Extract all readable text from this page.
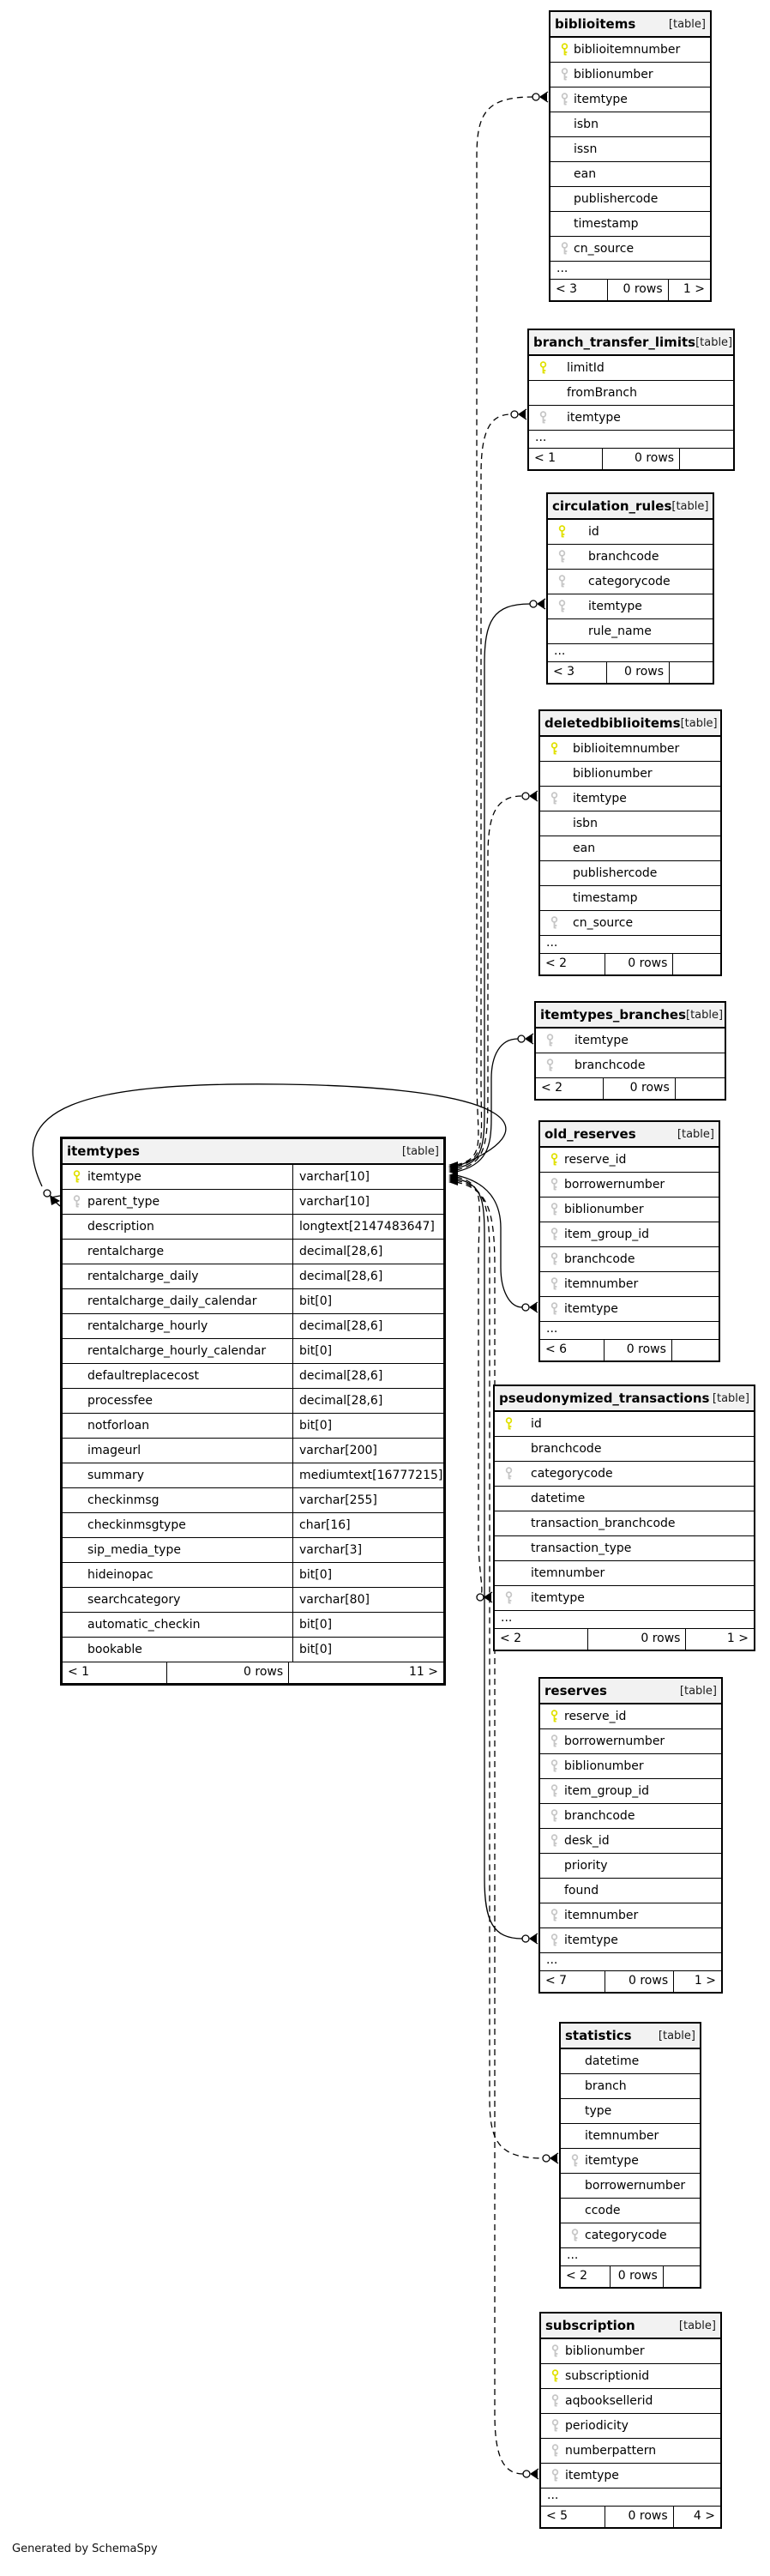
itemtypes	[table]
itemtype	varchar[10]
parent_type	varchar[10]
description	longtext[2147483647]
rentalcharge	decimal[28,6]
rentalcharge_daily	decimal[28,6]
rentalcharge_daily_calendar	bit[0]
rentalcharge_hourly	decimal[28,6]
rentalcharge_hourly_calendar	bit[0]
defaultreplacecost	decimal[28,6]
processfee	decimal[28,6]
notforloan	bit[0]
imageurl	varchar[200]
summary	mediumtext[16777215]
checkinmsg	varchar[255]
checkinmsgtype	char[16]
sip_media_type	varchar[3]
hideinopac	bit[0]
searchcategory	varchar[80]
automatic_checkin	bit[0]
bookable	bit[0]
< 1	0 rows	11 >
biblioitems	[table]
biblioitemnumber
biblionumber
itemtype
isbn
issn
ean
publishercode
timestamp
cn_source
...
< 3	0 rows	1 >
branch_transfer_limits [table]
limitId
fromBranch
itemtype
...
< 1	0 rows
circulation_rules [table]
id
branchcode
categorycode
itemtype
rule_name
...
< 3	0 rows
deletedbiblioitems [table]
biblioitemnumber
biblionumber
itemtype
isbn
ean
publishercode
timestamp
cn_source
...
< 2	0 rows
itemtypes_branches [table]
itemtype
branchcode
< 2	0 rows
old_reserves	[table]
reserve_id
borrowernumber
biblionumber
item_group_id
branchcode
itemnumber
itemtype
...
< 6	0 rows
pseudonymized_transactions [table]
id
branchcode
categorycode
datetime
transaction_branchcode
transaction_type
itemnumber
itemtype
...
< 2	0 rows	1 >
reserves	[table]
reserve_id
borrowernumber
biblionumber
item_group_id
branchcode
desk_id
priority
found
itemnumber
itemtype
...
< 7	0 rows	1 >
statistics [table]
datetime
branch
type
itemnumber
itemtype
borrowernumber
ccode
categorycode
...
< 2	0 rows
subscription	[table]
biblionumber
subscriptionid
aqbooksellerid
periodicity
numberpattern
itemtype
...
< 5	0 rows	4 >
Generated by SchemaSpy
